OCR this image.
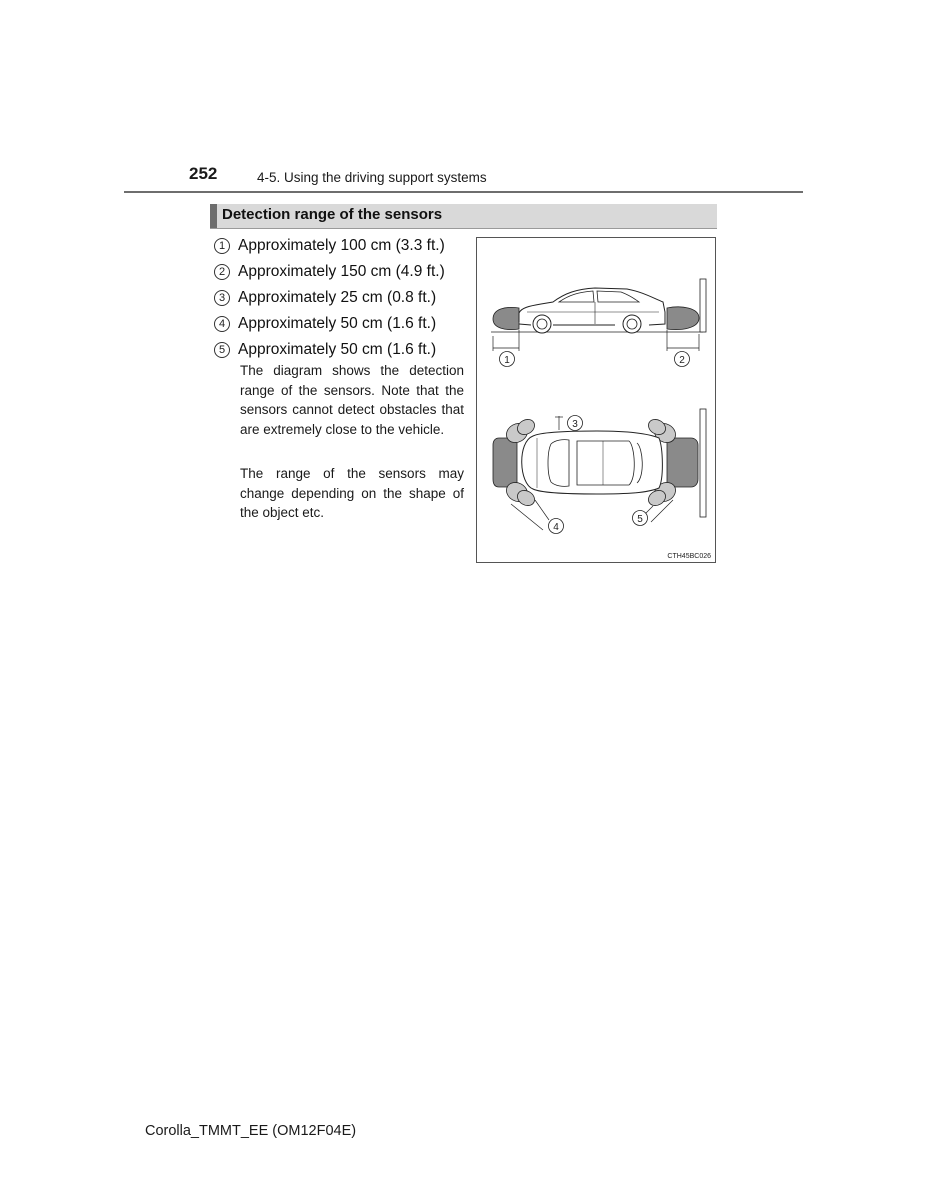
252	4-5. Using the driving support systems
Detection range of the sensors
1 Approximately 100 cm (3.3 ft.)
2 Approximately 150 cm (4.9 ft.)
3 Approximately 25 cm (0.8 ft.)
4 Approximately 50 cm (1.6 ft.)
5 Approximately 50 cm (1.6 ft.)

The diagram shows the detection range of the sensors. Note that the sensors cannot detect obstacles that are extremely close to the vehicle.

The range of the sensors may change depending on the shape of the object etc.

1	2
3
4
5
CTH45BC026
Corolla_TMMT_EE (OM12F04E)
